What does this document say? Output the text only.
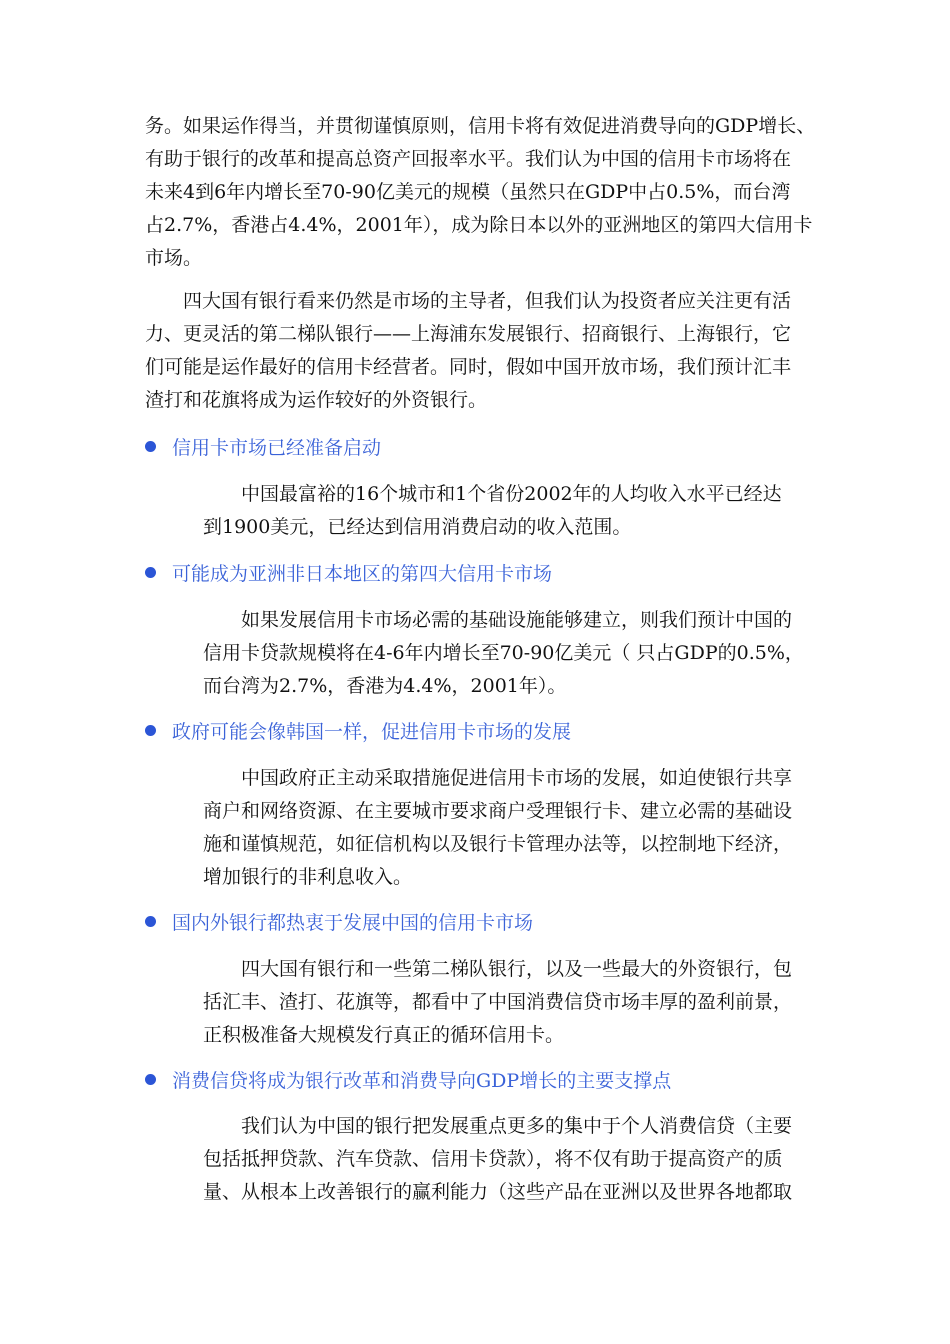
务。如果运作得当，并贯彻谨慎原则，信用卡将有效促进消费导向的GDP增长、
有助于银行的改革和提高总资产回报率水平。我们认为中国的信用卡市场将在
未来4到6年内增长至70-90亿美元的规模（虽然只在GDP中占0.5%，而台湾
占2.7%，香港占4.4%，2001年），成为除日本以外的亚洲地区的第四大信用卡
市场。
四大国有银行看来仍然是市场的主导者，但我们认为投资者应关注更有活
力、更灵活的第二梯队银行——上海浦东发展银行、招商银行、上海银行，它
们可能是运作最好的信用卡经营者。同时，假如中国开放市场，我们预计汇丰
渣打和花旗将成为运作较好的外资银行。
信用卡市场已经准备启动
中国最富裕的16个城市和1个省份2002年的人均收入水平已经达
到1900美元，已经达到信用消费启动的收入范围。
可能成为亚洲非日本地区的第四大信用卡市场
如果发展信用卡市场必需的基础设施能够建立，则我们预计中国的
信用卡贷款规模将在4-6年内增长至70-90亿美元（ 只占GDP的0.5%，
而台湾为2.7%，香港为4.4%，2001年）。
政府可能会像韩国一样，促进信用卡市场的发展
中国政府正主动采取措施促进信用卡市场的发展，如迫使银行共享
商户和网络资源、在主要城市要求商户受理银行卡、建立必需的基础设
施和谨慎规范，如征信机构以及银行卡管理办法等，以控制地下经济，
增加银行的非利息收入。
国内外银行都热衷于发展中国的信用卡市场
四大国有银行和一些第二梯队银行，以及一些最大的外资银行，包
括汇丰、渣打、花旗等，都看中了中国消费信贷市场丰厚的盈利前景，
正积极准备大规模发行真正的循环信用卡。
消费信贷将成为银行改革和消费导向GDP增长的主要支撑点
我们认为中国的银行把发展重点更多的集中于个人消费信贷（主要
包括抵押贷款、汽车贷款、信用卡贷款），将不仅有助于提高资产的质
量、从根本上改善银行的赢利能力（这些产品在亚洲以及世界各地都取
